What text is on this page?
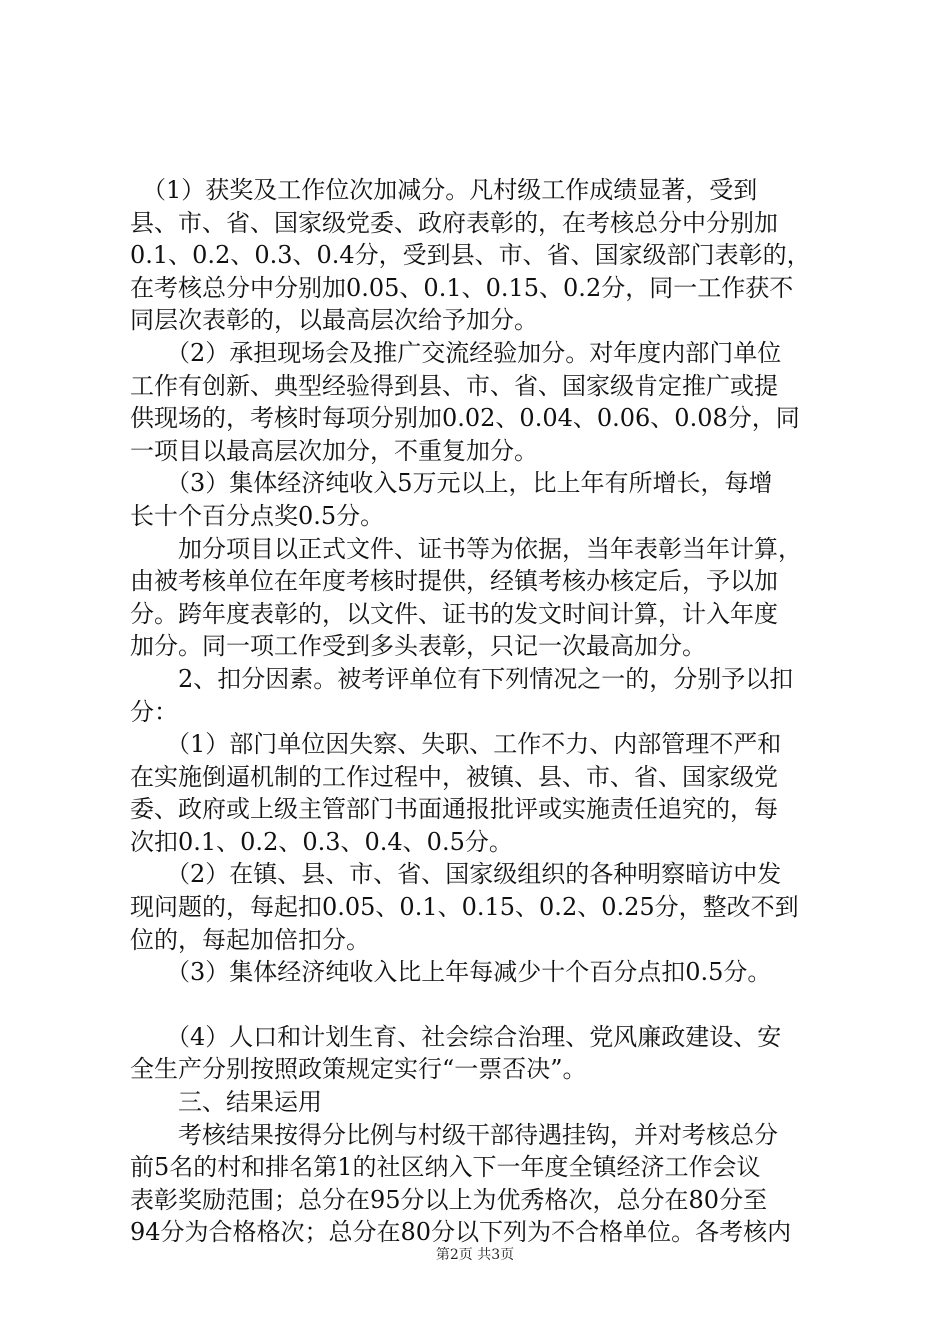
　（1）获奖及工作位次加减分。凡村级工作成绩显著，受到
县、市、省、国家级党委、政府表彰的，在考核总分中分别加
0.1、0.2、0.3、0.4分，受到县、市、省、国家级部门表彰的，
在考核总分中分别加0.05、0.1、0.15、0.2分，同一工作获不
同层次表彰的，以最高层次给予加分。
　　（2）承担现场会及推广交流经验加分。对年度内部门单位
工作有创新、典型经验得到县、市、省、国家级肯定推广或提
供现场的，考核时每项分别加0.02、0.04、0.06、0.08分，同
一项目以最高层次加分，不重复加分。
　　（3）集体经济纯收入5万元以上，比上年有所增长，每增
长十个百分点奖0.5分。
　　加分项目以正式文件、证书等为依据，当年表彰当年计算，
由被考核单位在年度考核时提供，经镇考核办核定后，予以加
分。跨年度表彰的，以文件、证书的发文时间计算，计入年度
加分。同一项工作受到多头表彰，只记一次最高加分。
　　2、扣分因素。被考评单位有下列情况之一的，分别予以扣
分：
　　（1）部门单位因失察、失职、工作不力、内部管理不严和
在实施倒逼机制的工作过程中，被镇、县、市、省、国家级党
委、政府或上级主管部门书面通报批评或实施责任追究的，每
次扣0.1、0.2、0.3、0.4、0.5分。
　　（2）在镇、县、市、省、国家级组织的各种明察暗访中发
现问题的，每起扣0.05、0.1、0.15、0.2、0.25分，整改不到
位的，每起加倍扣分。
　　（3）集体经济纯收入比上年每减少十个百分点扣0.5分。
　　（4）人口和计划生育、社会综合治理、党风廉政建设、安
全生产分别按照政策规定实行“一票否决”。
　　三、结果运用
　　考核结果按得分比例与村级干部待遇挂钩，并对考核总分
前5名的村和排名第1的社区纳入下一年度全镇经济工作会议
表彰奖励范围；总分在95分以上为优秀格次，总分在80分至
94分为合格格次；总分在80分以下列为不合格单位。各考核内
第2页 共3页
